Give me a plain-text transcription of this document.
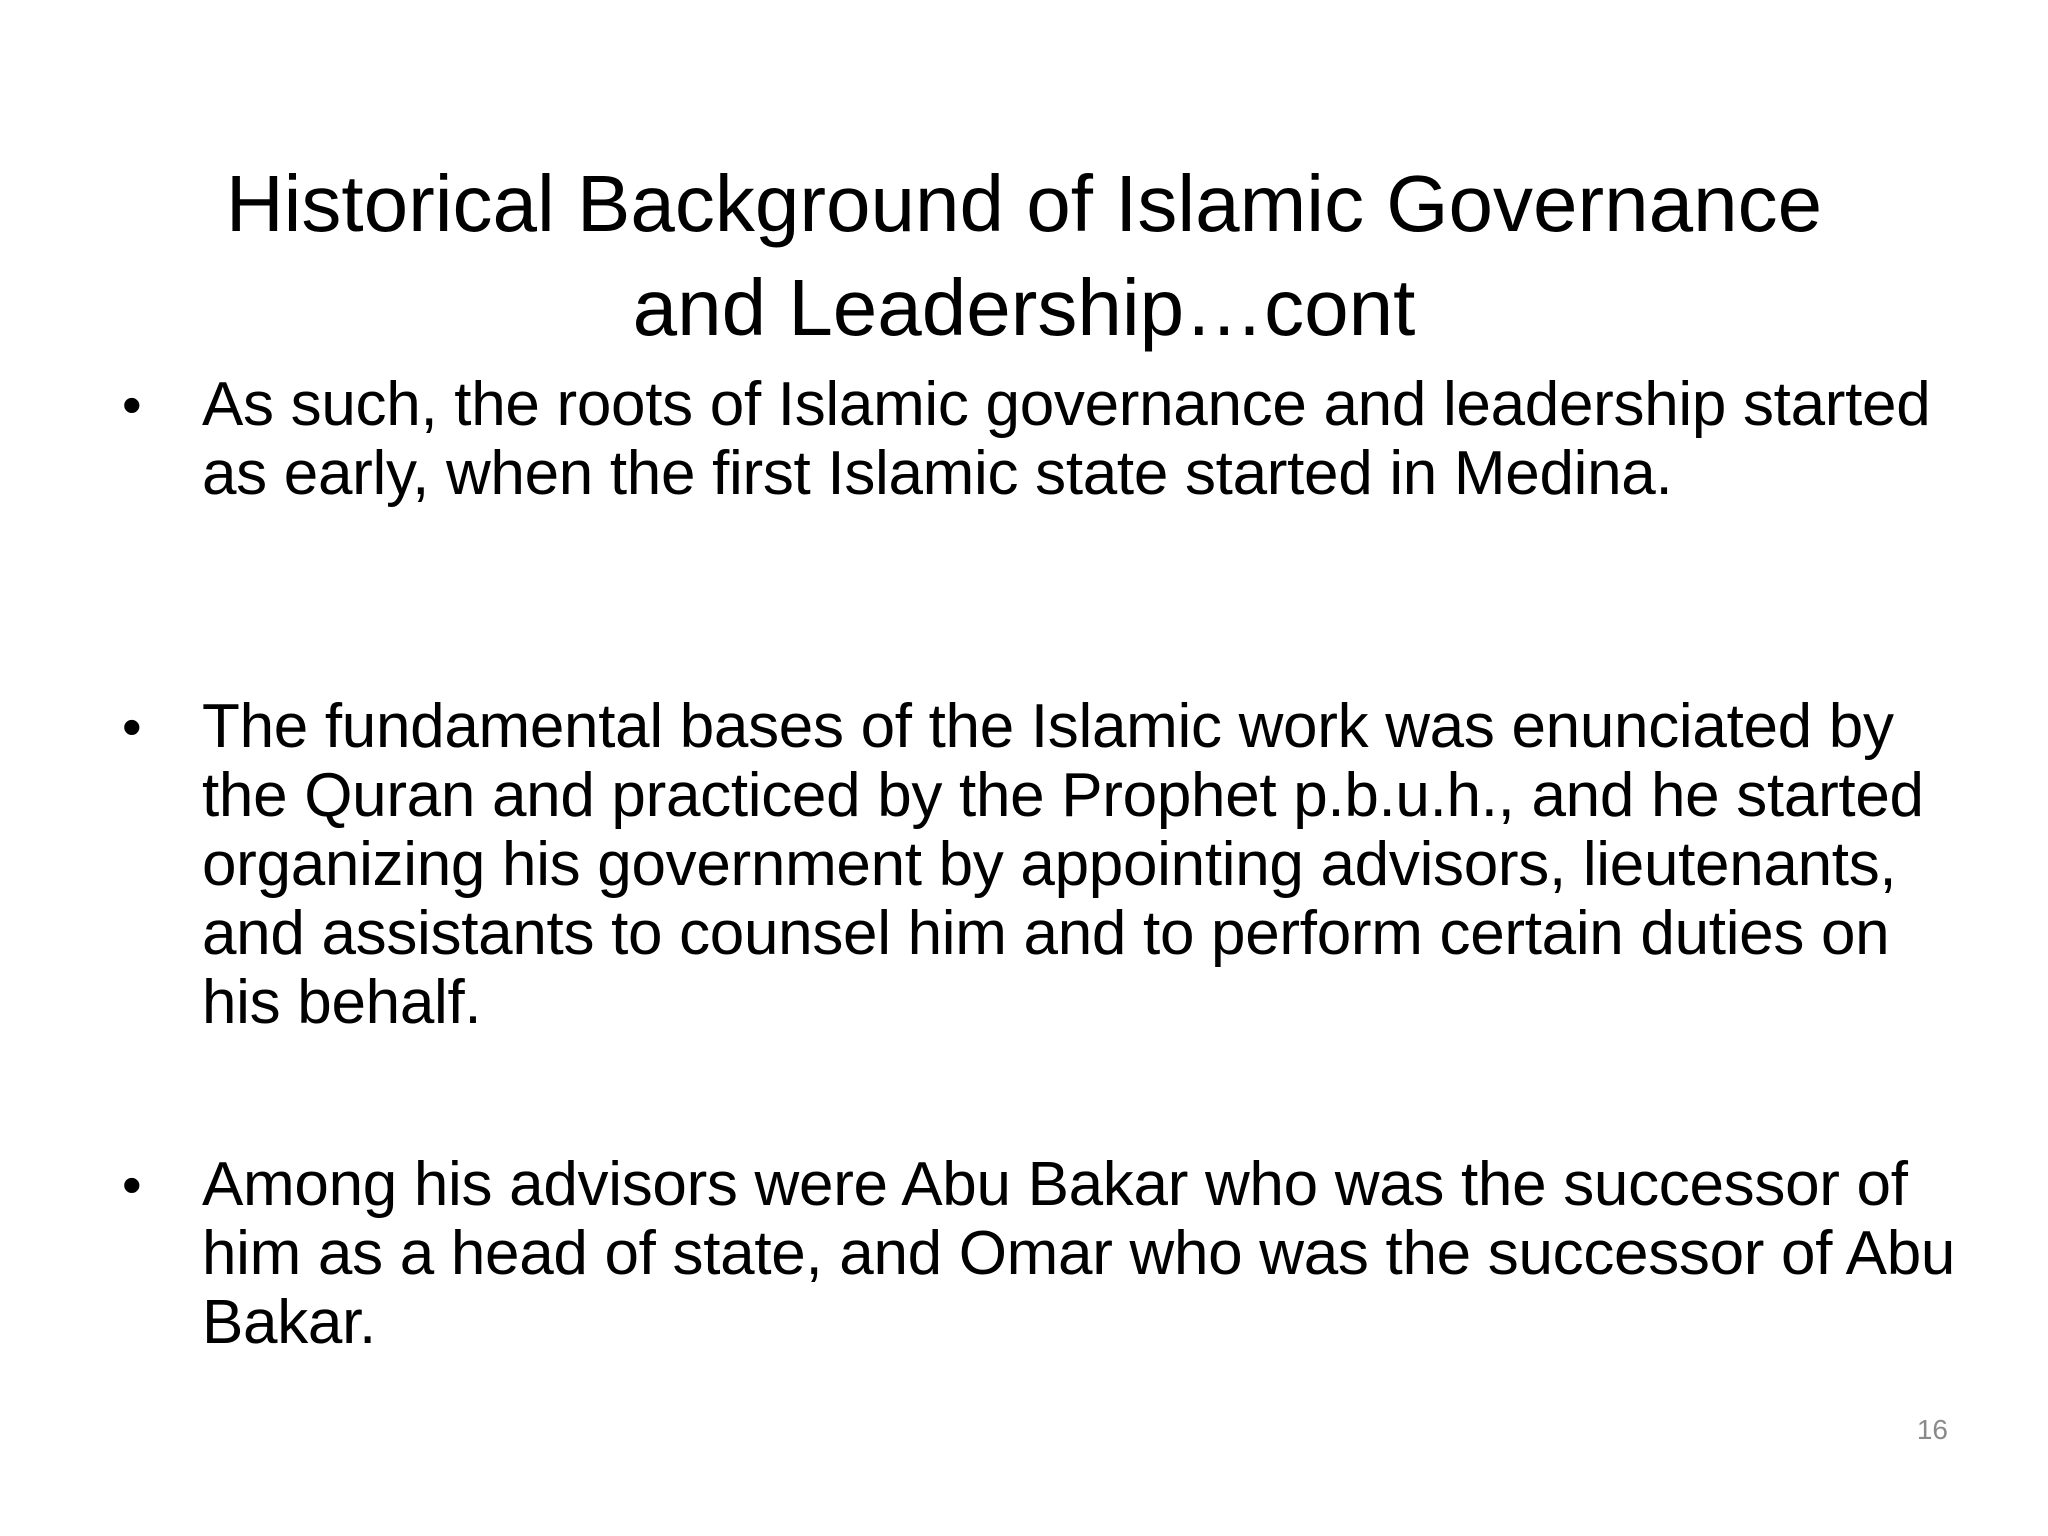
Historical Background of Islamic Governance
and Leadership…cont
• As such, the roots of Islamic governance and leadership started as early, when the first Islamic state started in Medina.
• The fundamental bases of the Islamic work was enunciated by the Quran and practiced by the Prophet p.b.u.h., and he started organizing his government by appointing advisors, lieutenants, and assistants to counsel him and to perform certain duties on his behalf.
• Among his advisors were Abu Bakar who was the successor of him as a head of state, and Omar who was the successor of Abu Bakar.
16
